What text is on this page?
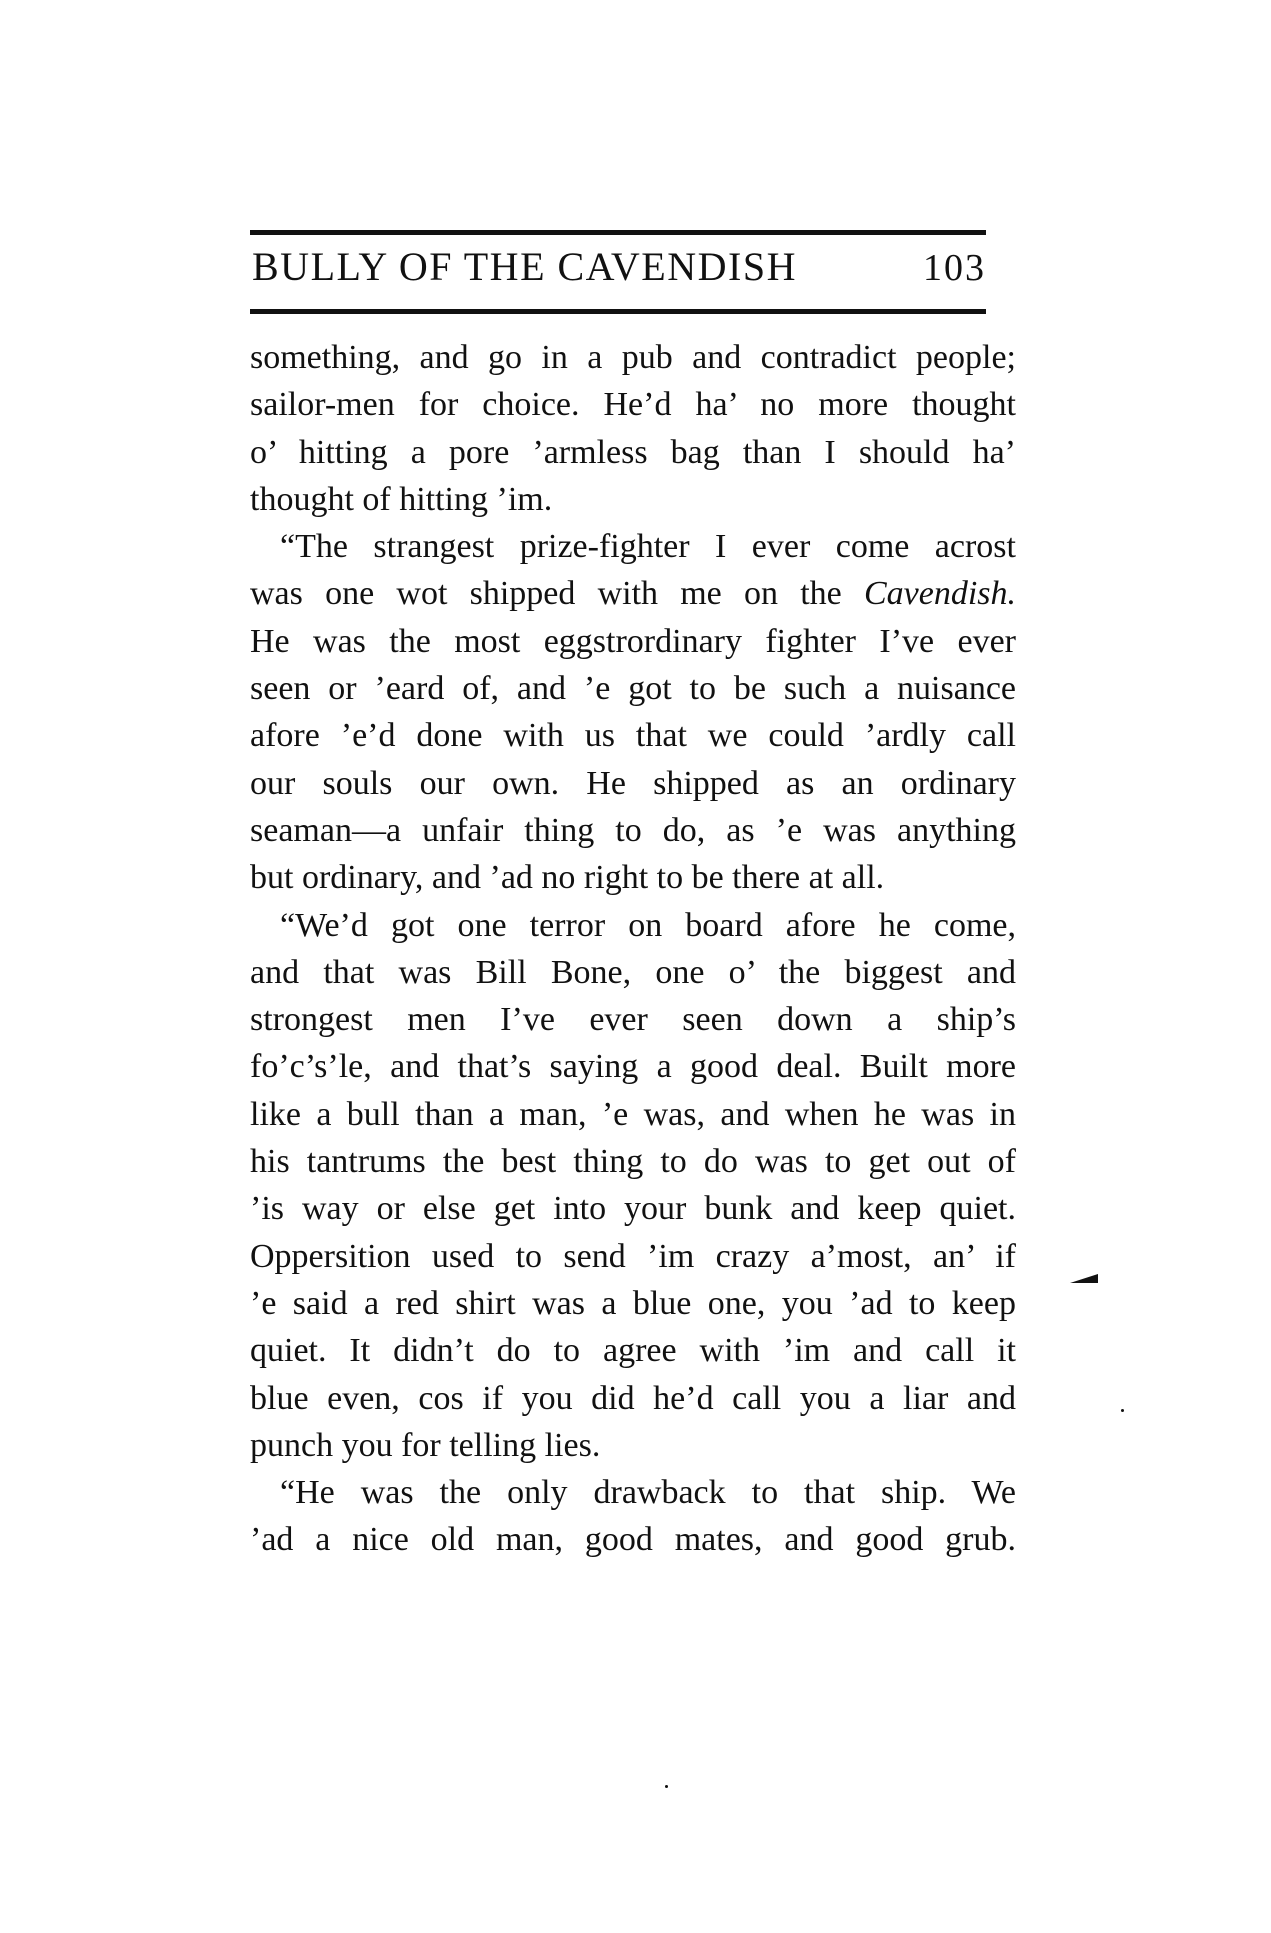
BULLY OF THE CAVENDISH	103
something, and go in a pub and contradict people;
sailor-men for choice. He’d ha’ no more thought
o’ hitting a pore ’armless bag than I should ha’
thought of hitting ’im.
“The strangest prize-fighter I ever come acrost
was one wot shipped with me on the Cavendish.
He was the most eggstrordinary fighter I’ve ever
seen or ’eard of, and ’e got to be such a nuisance
afore ’e’d done with us that we could ’ardly call
our souls our own. He shipped as an ordinary
seaman—a unfair thing to do, as ’e was anything
but ordinary, and ’ad no right to be there at all.
“We’d got one terror on board afore he come,
and that was Bill Bone, one o’ the biggest and
strongest men I’ve ever seen down a ship’s
fo’c’s’le, and that’s saying a good deal. Built more
like a bull than a man, ’e was, and when he was in
his tantrums the best thing to do was to get out of
’is way or else get into your bunk and keep quiet.
Oppersition used to send ’im crazy a’most, an’ if
’e said a red shirt was a blue one, you ’ad to keep
quiet. It didn’t do to agree with ’im and call it
blue even, cos if you did he’d call you a liar and
punch you for telling lies.
“He was the only drawback to that ship. We
’ad a nice old man, good mates, and good grub.
